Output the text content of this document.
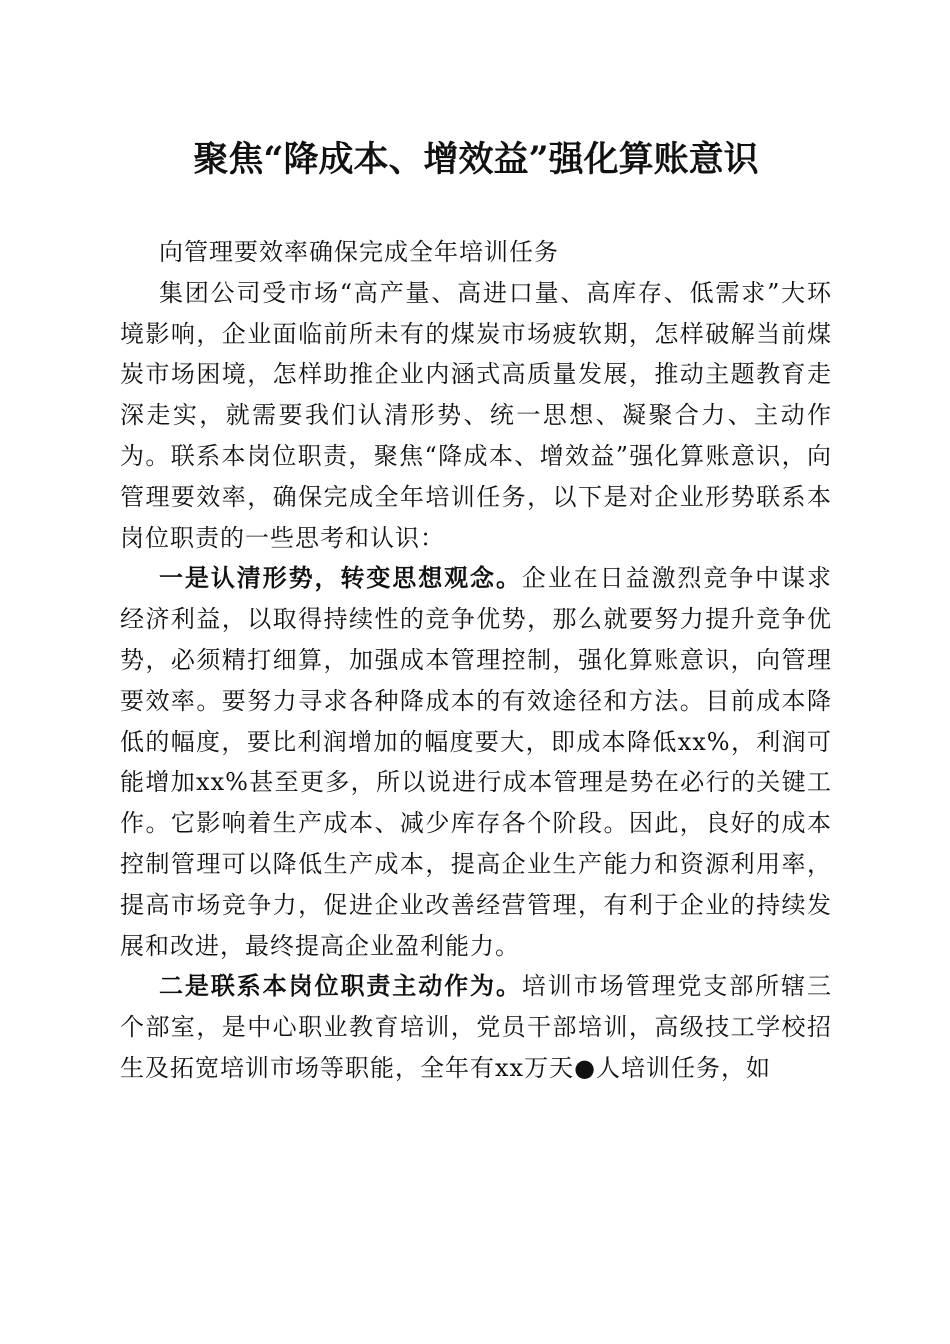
聚焦“降成本、增效益”强化算账意识

向管理要效率确保完成全年培训任务

集团公司受市场“高产量、高进口量、高库存、低需求”大环境影响，企业面临前所未有的煤炭市场疲软期，怎样破解当前煤炭市场困境，怎样助推企业内涵式高质量发展，推动主题教育走深走实，就需要我们认清形势、统一思想、凝聚合力、主动作为。联系本岗位职责，聚焦“降成本、增效益”强化算账意识，向管理要效率，确保完成全年培训任务，以下是对企业形势联系本岗位职责的一些思考和认识：

一是认清形势，转变思想观念。企业在日益激烈竞争中谋求经济利益，以取得持续性的竞争优势，那么就要努力提升竞争优势，必须精打细算，加强成本管理控制，强化算账意识，向管理要效率。要努力寻求各种降成本的有效途径和方法。目前成本降低的幅度，要比利润增加的幅度要大，即成本降低xx%，利润可能增加xx%甚至更多，所以说进行成本管理是势在必行的关键工作。它影响着生产成本、减少库存各个阶段。因此，良好的成本控制管理可以降低生产成本，提高企业生产能力和资源利用率，提高市场竞争力，促进企业改善经营管理，有利于企业的持续发展和改进，最终提高企业盈利能力。

二是联系本岗位职责主动作为。培训市场管理党支部所辖三个部室，是中心职业教育培训，党员干部培训，高级技工学校招生及拓宽培训市场等职能，全年有xx万天●人培训任务，如
